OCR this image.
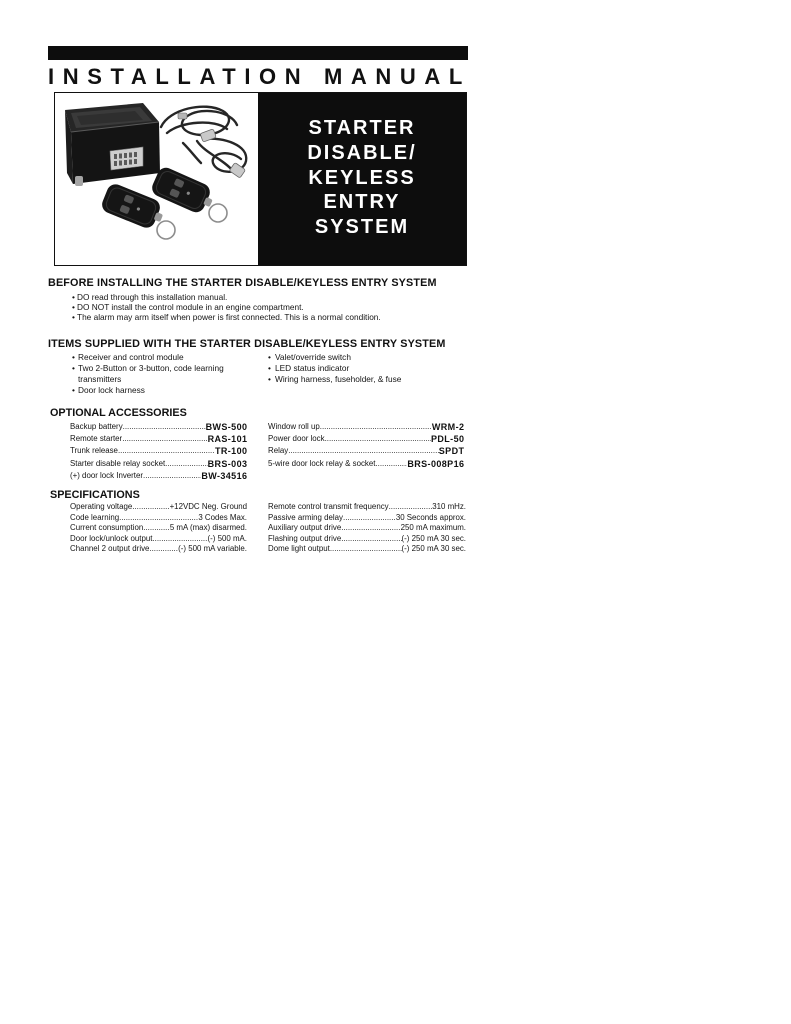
INSTALLATION MANUAL
STARTER
DISABLE/
KEYLESS
ENTRY
SYSTEM
BEFORE INSTALLING THE STARTER DISABLE/KEYLESS ENTRY SYSTEM
• DO read through this installation manual.
• DO NOT install the control module in an engine compartment.
• The alarm may arm itself when power is first connected. This is a normal condition.
ITEMS SUPPLIED WITH THE STARTER DISABLE/KEYLESS ENTRY SYSTEM
• Receiver and control module
• Two 2-Button or 3-button, code learning transmitters
• Door lock harness
• Valet/override switch
• LED status indicator
• Wiring harness, fuseholder, & fuse
OPTIONAL ACCESSORIES
Backup battery .....	BWS-500
Remote starter .....	RAS-101
Trunk release .....	TR-100
Starter disable relay socket .....	BRS-003
(+) door lock Inverter .....	BW-34516
Window roll up .....	WRM-2
Power door lock .....	PDL-50
Relay .....	SPDT
5-wire door lock relay & socket .....	BRS-008P16
SPECIFICATIONS
Operating voltage .....	+12VDC Neg. Ground
Code learning .....	3 Codes Max.
Current consumption .....	5 mA (max) disarmed.
Door lock/unlock output .....	(-) 500 mA.
Channel 2 output drive .....	(-) 500 mA variable.
Remote control transmit frequency .....	310 mHz.
Passive arming delay .....	30 Seconds approx.
Auxiliary output drive .....	250 mA maximum.
Flashing output drive .....	(-) 250 mA 30 sec.
Dome light output .....	(-) 250 mA 30 sec.
